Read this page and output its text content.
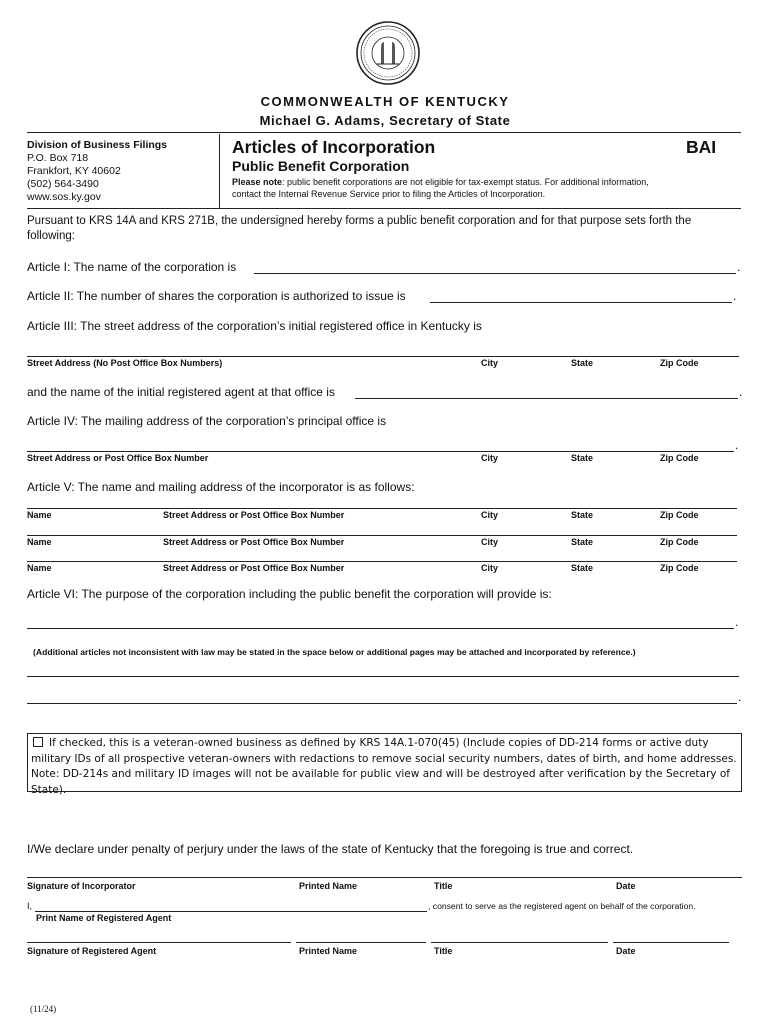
COMMONWEALTH OF KENTUCKY
Michael G. Adams, Secretary of State
Division of Business Filings
P.O. Box 718
Frankfort, KY 40602
(502) 564-3490
www.sos.ky.gov
Articles of Incorporation	BAI
Public Benefit Corporation
Please note: public benefit corporations are not eligible for tax-exempt status. For additional information,
contact the Internal Revenue Service prior to filing the Articles of Incorporation.
Pursuant to KRS 14A and KRS 271B, the undersigned hereby forms a public benefit corporation and for that purpose sets forth the
following:
Article I: The name of the corporation is	.
Article II: The number of shares the corporation is authorized to issue is	.
Article III: The street address of the corporation’s initial registered office in Kentucky is
Street Address (No Post Office Box Numbers)	City	State	Zip Code
and the name of the initial registered agent at that office is	.
Article IV: The mailing address of the corporation’s principal office is
.
Street Address or Post Office Box Number	City	State	Zip Code
Article V: The name and mailing address of the incorporator is as follows:
Name	Street Address or Post Office Box Number	City	State	Zip Code
Name	Street Address or Post Office Box Number	City	State	Zip Code
Name	Street Address or Post Office Box Number	City	State	Zip Code
Article VI: The purpose of the corporation including the public benefit the corporation will provide is:
.
(Additional articles not inconsistent with law may be stated in the space below or additional pages may be attached and incorporated by reference.)
.
If checked, this is a veteran-owned business as defined by KRS 14A.1-070(45) (Include copies of DD-214 forms or active duty military IDs of all prospective veteran-owners with redactions to remove social security numbers, dates of birth, and home addresses. Note: DD-214s and military ID images will not be available for public view and will be destroyed after verification by the Secretary of State).
I/We declare under penalty of perjury under the laws of the state of Kentucky that the foregoing is true and correct.
Signature of Incorporator	Printed Name	Title	Date
I,	, consent to serve as the registered agent on behalf of the corporation.
Print Name of Registered Agent
Signature of Registered Agent	Printed Name	Title	Date
(11/24)
